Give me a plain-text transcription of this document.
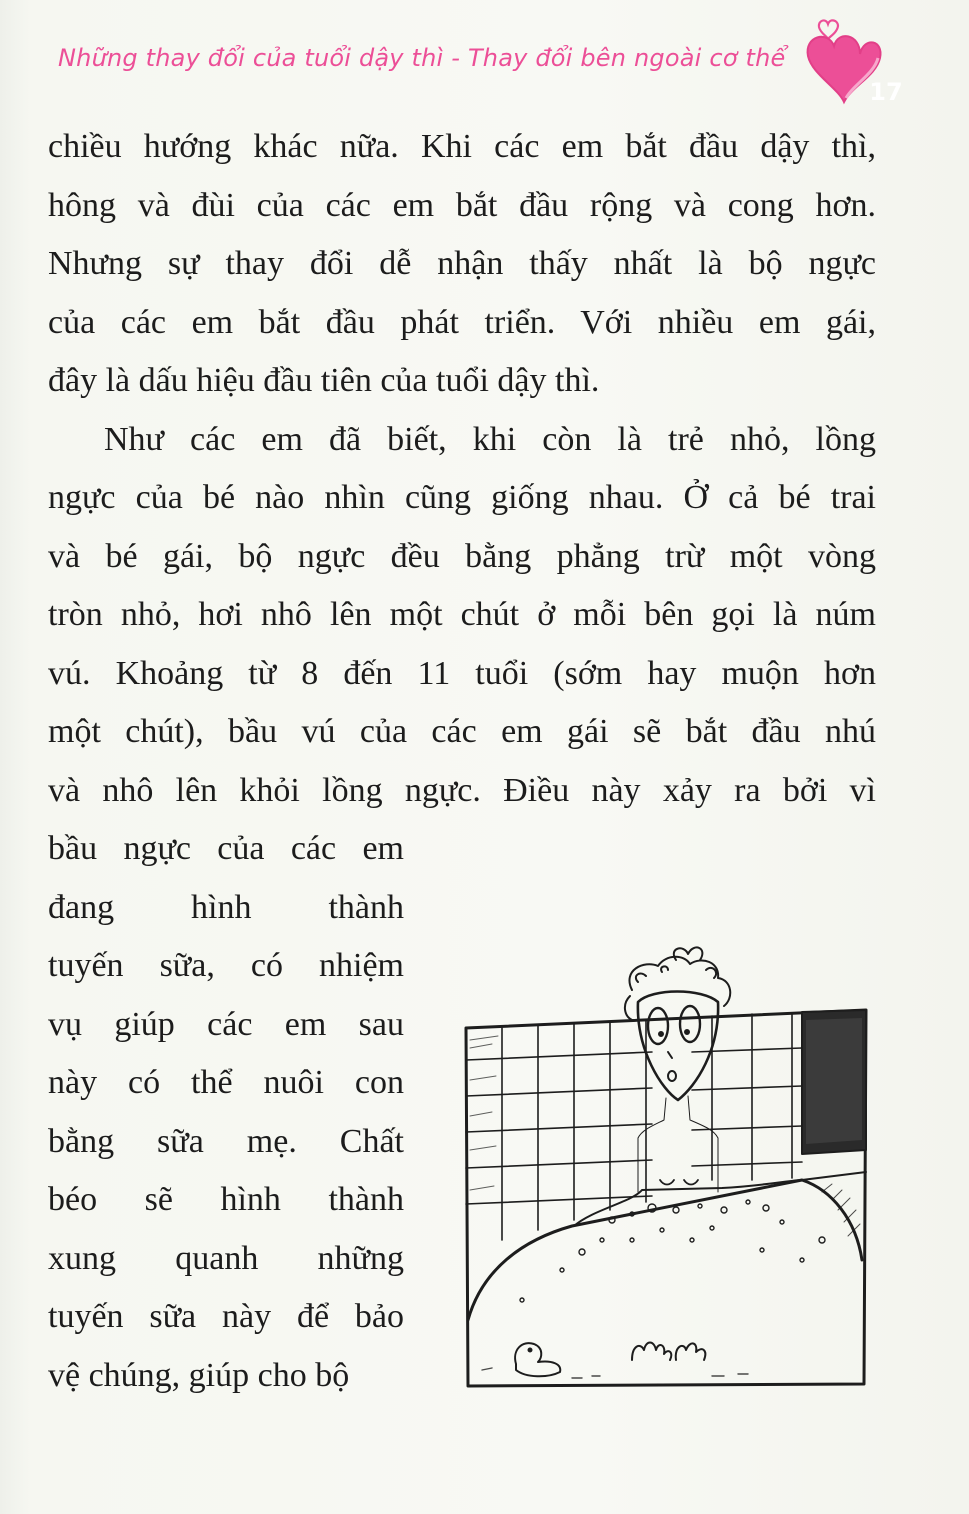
Những thay đổi của tuổi dậy thì - Thay đổi bên ngoài cơ thể
17
chiều hướng khác nữa. Khi các em bắt đầu dậy thì,
hông và đùi của các em bắt đầu rộng và cong hơn.
Nhưng sự thay đổi dễ nhận thấy nhất là bộ ngực
của các em bắt đầu phát triển. Với nhiều em gái,
đây là dấu hiệu đầu tiên của tuổi dậy thì.
Như các em đã biết, khi còn là trẻ nhỏ, lồng
ngực của bé nào nhìn cũng giống nhau. Ở cả bé trai
và bé gái, bộ ngực đều bằng phẳng trừ một vòng
tròn nhỏ, hơi nhô lên một chút ở mỗi bên gọi là núm
vú. Khoảng từ 8 đến 11 tuổi (sớm hay muộn hơn
một chút), bầu vú của các em gái sẽ bắt đầu nhú
và nhô lên khỏi lồng ngực. Điều này xảy ra bởi vì
bầu ngực của các em
đang hình thành
tuyến sữa, có nhiệm
vụ giúp các em sau
này có thể nuôi con
bằng sữa mẹ. Chất
béo sẽ hình thành
xung quanh những
tuyến sữa này để bảo
vệ chúng, giúp cho bộ
